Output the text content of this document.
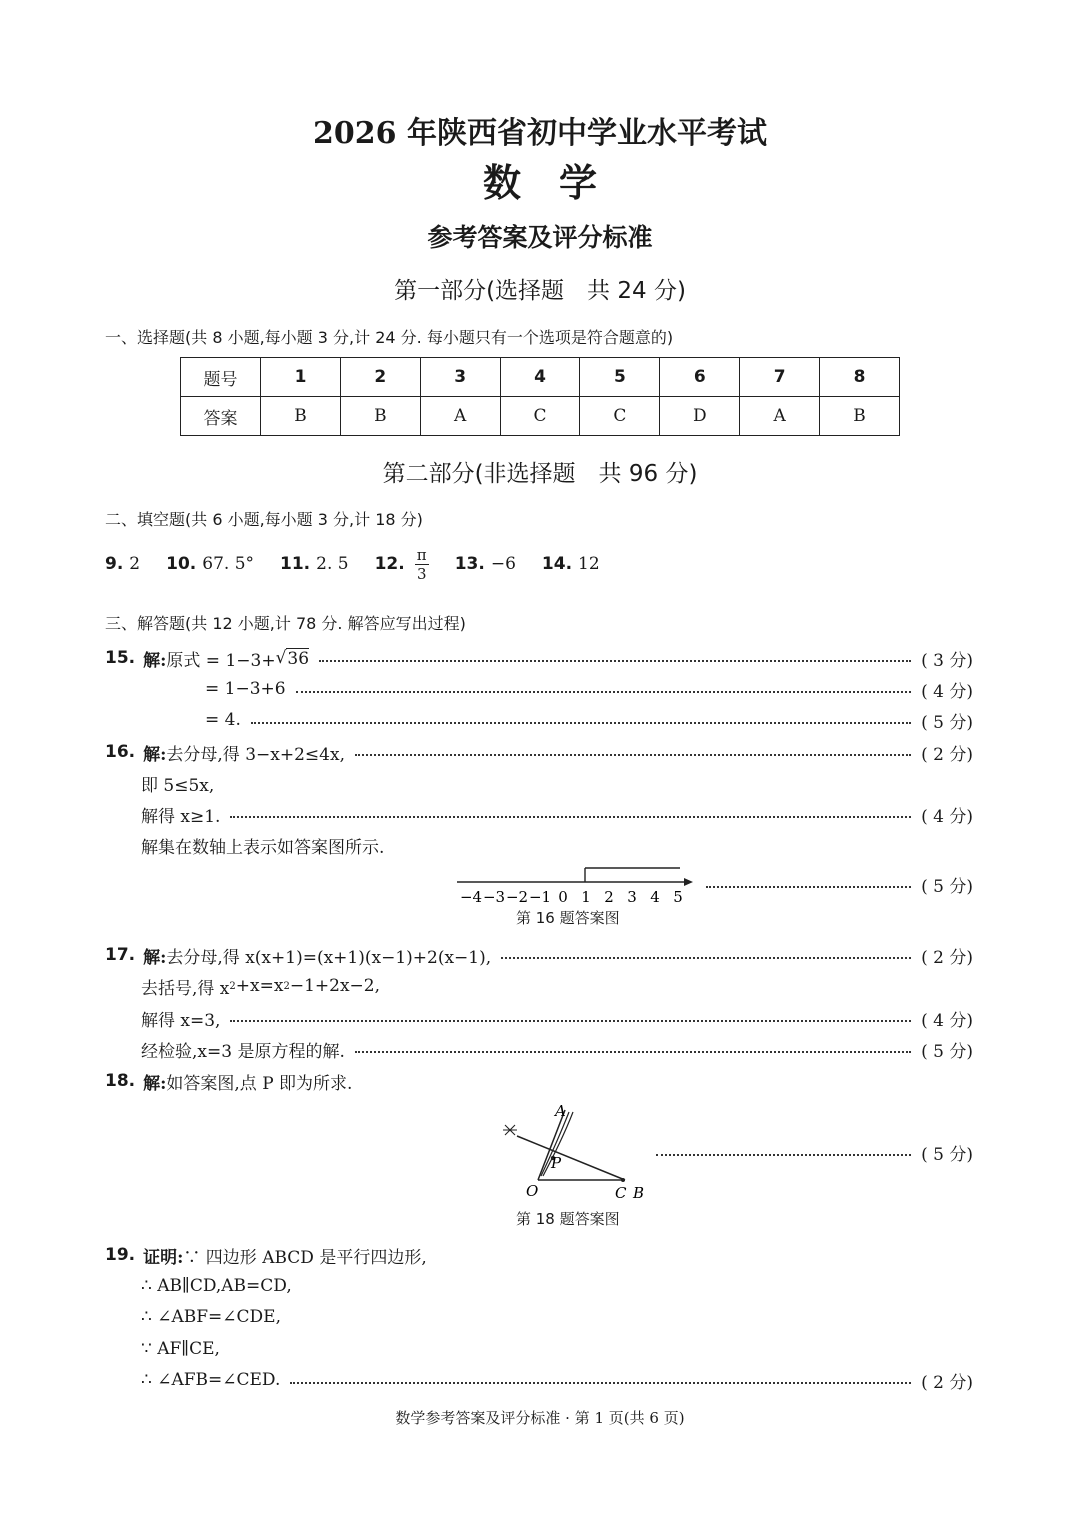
2026 年陕西省初中学业水平考试
数　学
参考答案及评分标准
第一部分(选择题　共 24 分)
一、选择题(共 8 小题,每小题 3 分,计 24 分. 每小题只有一个选项是符合题意的)
题号	1	2	3	4	5	6	7	8
答案	B	B	A	C	C	D	A	B
第二部分(非选择题　共 96 分)
二、填空题(共 6 小题,每小题 3 分,计 18 分)
9. 2 10. 67. 5° 11. 2. 5 12. $\frac{\pi}{3} 13$. −6 14. 12
三、解答题(共 12 小题,计 78 分. 解答应写出过程)
15. 解: 原式 = 1−3+ √ 36	( 3 分)
= 1−3+6	( 4 分)
= 4.	( 5 分)
16. 解: 去分母,得 3−x+2≤4x,	( 2 分)
即 5≤5x,
解得 x≥1.	( 4 分)
解集在数轴上表示如答案图所示.
−4 −3 −2 −1 0 1 2 3 4 5
( 5 分)
第 16 题答案图
17. 解: 去分母,得 x(x+1)=(x+1)(x−1)+2(x−1),	( 2 分)
去括号,得 x 2 +x=x 2 −1+2x−2,
解得 x=3,	( 4 分)
经检验,x=3 是原方程的解.	( 5 分)
18. 解: 如答案图,点 P 即为所求.
A
P
O	C B
( 5 分)
第 18 题答案图
19. 证明: ∵ 四边形 ABCD 是平行四边形,
∴ AB∥CD,AB=CD,
∴ ∠ABF=∠CDE,
∵ AF∥CE,
∴ ∠AFB=∠CED.	( 2 分)
数学参考答案及评分标准 · 第 1 页(共 6 页)
